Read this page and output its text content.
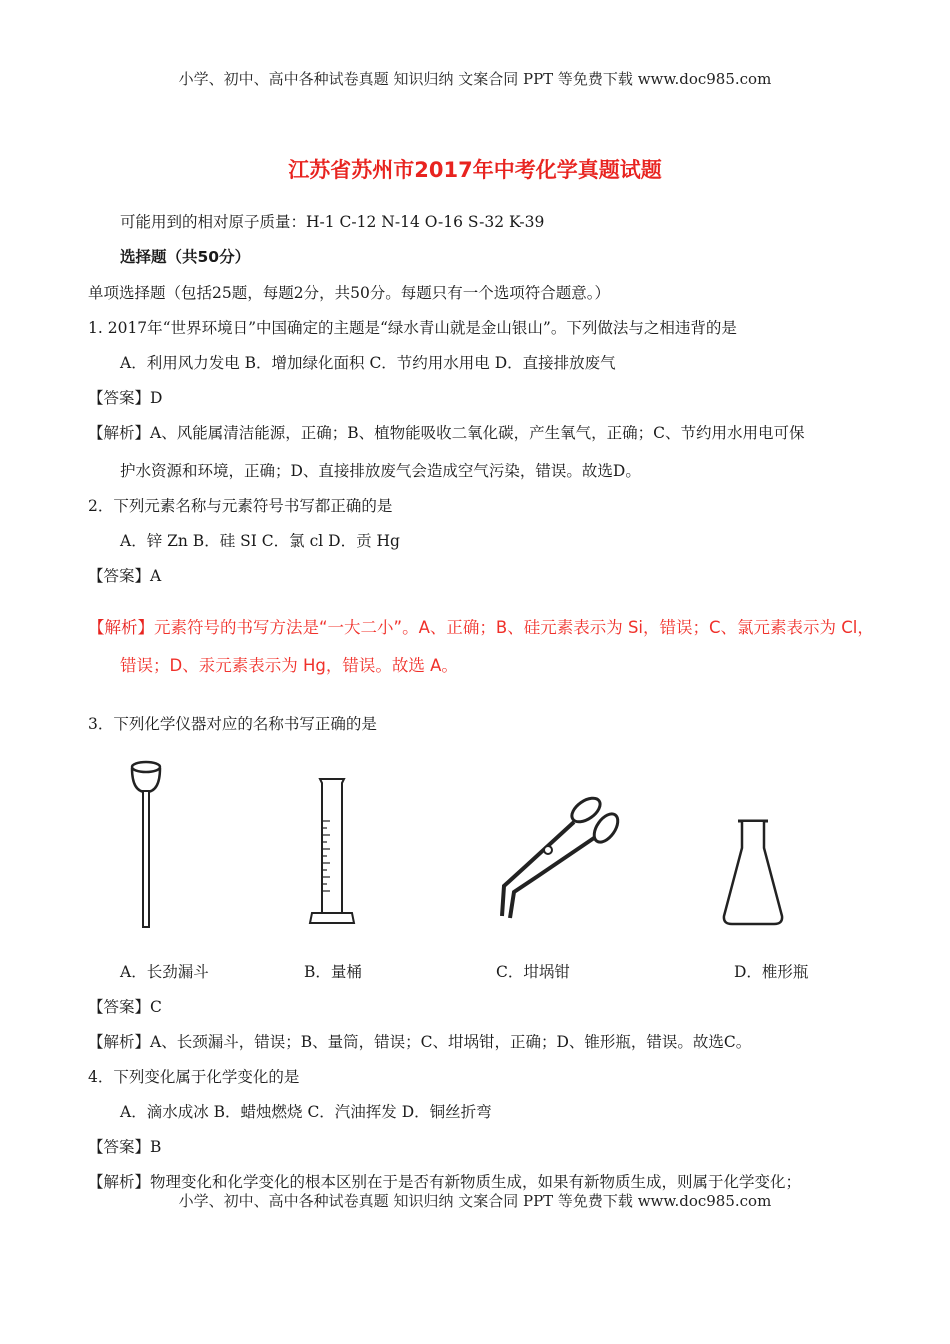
小学、初中、高中各种试卷真题 知识归纳 文案合同 PPT 等免费下载 www.doc985.com
江苏省苏州市2017年中考化学真题试题
可能用到的相对原子质量：H-1 C-12 N-14 O-16 S-32 K-39
选择题（共50分）
单项选择题（包括25题，每题2分，共50分。每题只有一个选项符合题意。）
1. 2017年“世界环境日”中国确定的主题是“绿水青山就是金山银山”。下列做法与之相违背的是
A．利用风力发电 B．增加绿化面积 C．节约用水用电 D．直接排放废气
【答案】D
【解析】A、风能属清洁能源，正确；B、植物能吸收二氧化碳，产生氧气，正确；C、节约用水用电可保
护水资源和环境，正确；D、直接排放废气会造成空气污染，错误。故选D。
2．下列元素名称与元素符号书写都正确的是
A．锌 Zn B．硅 SI C．氯 cl D．贡 Hg
【答案】A
【解析】元素符号的书写方法是“一大二小”。A、正确；B、硅元素表示为 Si，错误；C、氯元素表示为 Cl，
错误；D、汞元素表示为 Hg，错误。故选 A。
3．下列化学仪器对应的名称书写正确的是
A．长劲漏斗	B．量桶	C．坩埚钳	D．椎形瓶
【答案】C
【解析】A、长颈漏斗，错误；B、量筒，错误；C、坩埚钳，正确；D、锥形瓶，错误。故选C。
4．下列变化属于化学变化的是
A．滴水成冰 B．蜡烛燃烧 C．汽油挥发 D．铜丝折弯
【答案】B
【解析】物理变化和化学变化的根本区别在于是否有新物质生成，如果有新物质生成，则属于化学变化；
小学、初中、高中各种试卷真题 知识归纳 文案合同 PPT 等免费下载 www.doc985.com
